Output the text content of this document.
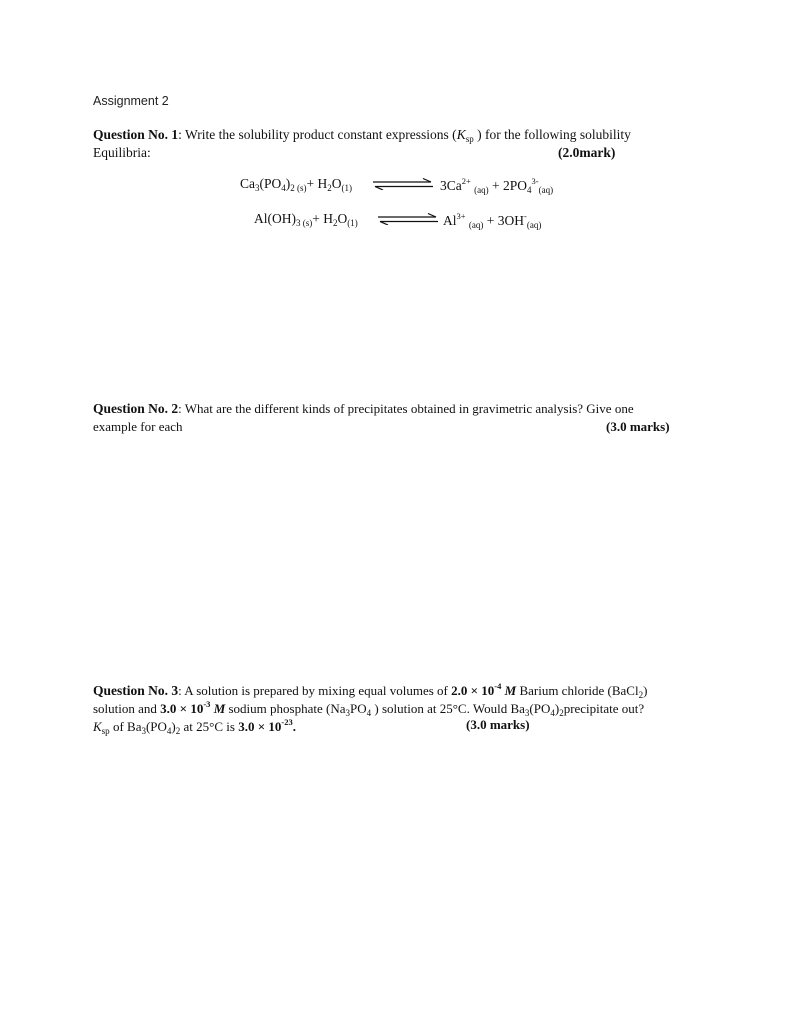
Assignment 2
Question No. 1: Write the solubility product constant expressions ($K_{sp}$ ) for the following solubility
Equilibria:	(2.0mark)
$Ca_3(PO_4)_{2 (s)}+ H_2O_{(1)}$ ⇌ $3Ca^{2+}$ $_{(aq)} + 2PO_4^{3-}_{(aq)}$
$Al(OH)_{3 (s)}+ H_2O_{(1)}$ ⇌ $Al^{3+}$ $_{(aq)} + 3OH^-_{(aq)}$
Question No. 2: What are the different kinds of precipitates obtained in gravimetric analysis? Give one
example for each	(3.0 marks)
Question No. 3: A solution is prepared by mixing equal volumes of $2.0 \times 10^{-4}$ M Barium chloride (BaCl$_2$)
solution and $3.0 \times 10^{-3}$ M sodium phosphate ($Na_3PO_4$ ) solution at 25°C. Would $Ba_3(PO_4)_2precipitate$ out?
$K_{sp}$ of $Ba_3(PO_4)_2$ at 25°C is $3.0 \times 10^{-23}$.	(3.0 marks)
